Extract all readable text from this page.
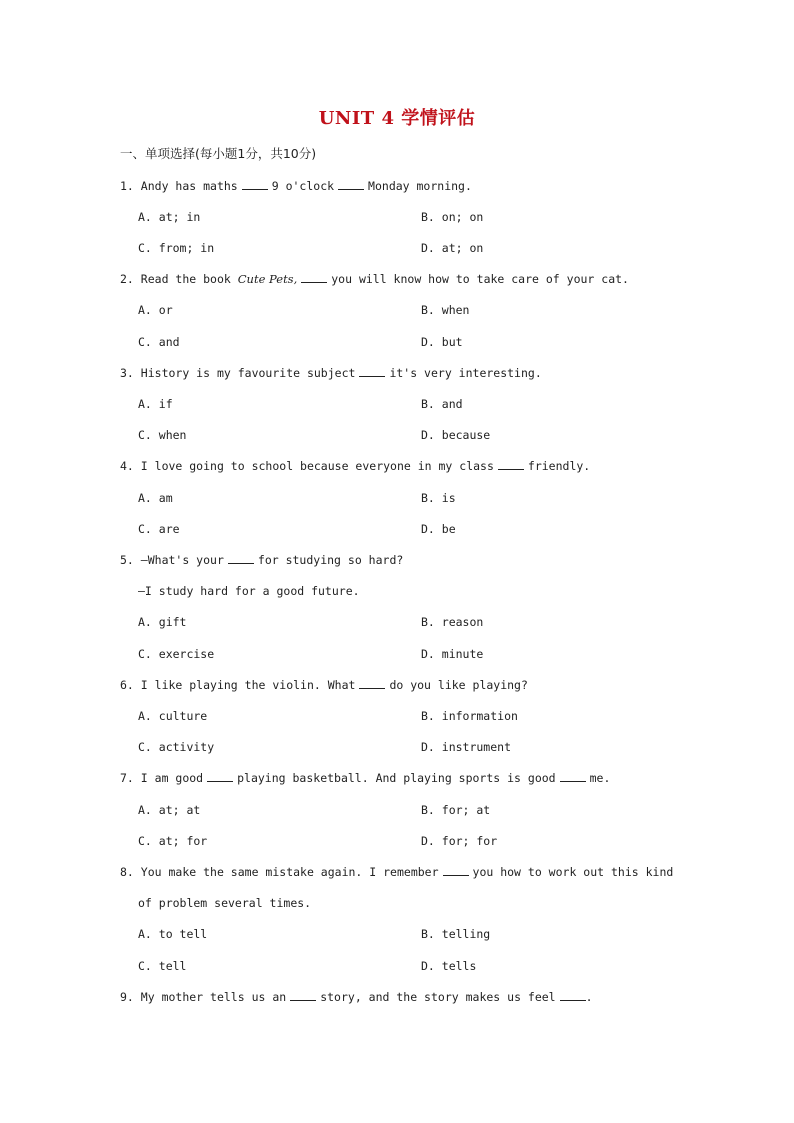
UNIT 4 学情评估
一、单项选择(每小题1分，共10分)
1. Andy has maths	9 o'clock	Monday morning.
A. at; in	B. on; on
C. from; in	D. at; on
2. Read the book Cute Pets,	you will know how to take care of your cat.
A. or	B. when
C. and	D. but
3. History is my favourite subject	it's very interesting.
A. if	B. and
C. when	D. because
4. I love going to school because everyone in my class	friendly.
A. am	B. is
C. are	D. be
5. —What's your	for studying so hard?
—I study hard for a good future.
A. gift	B. reason
C. exercise	D. minute
6. I like playing the violin. What	do you like playing?
A. culture	B. information
C. activity	D. instrument
7. I am good	playing basketball. And playing sports is good	me.
A. at; at	B. for; at
C. at; for	D. for; for
8. You make the same mistake again. I remember	you how to work out this kind
of problem several times.
A. to tell	B. telling
C. tell	D. tells
9. My mother tells us an	story, and the story makes us feel	.
